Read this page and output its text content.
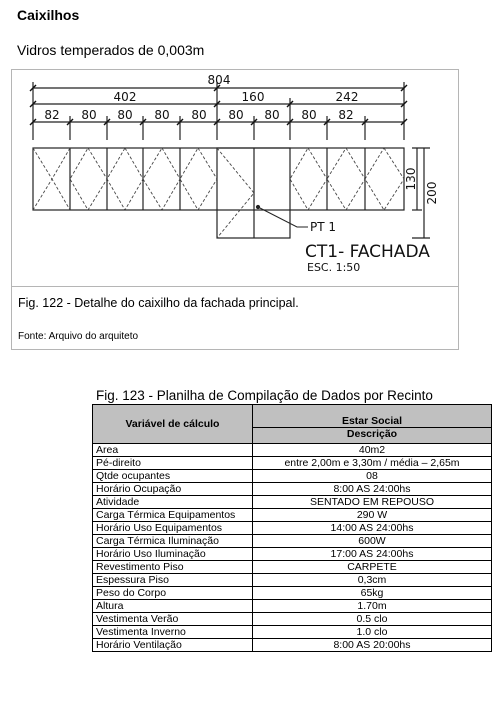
Caixilhos
Vidros temperados de 0,003m
804
402	160	242
82 80 80 80 80 80 80 80 82
130
200
PT 1
CT1- FACHADA
ESC. 1:50
Fig. 122 - Detalhe do caixilho da fachada principal.
Fonte: Arquivo do arquiteto
Fig. 123 - Planilha de Compilação de Dados por Recinto
Variável de cálculo	Estar Social
	Descrição
Area	40m2
Pé-direito	entre 2,00m e 3,30m / média – 2,65m
Qtde ocupantes	08
Horário Ocupação	8:00 AS 24:00hs
Atividade	SENTADO EM REPOUSO
Carga Térmica Equipamentos	290 W
Horário Uso Equipamentos	14:00 AS 24:00hs
Carga Térmica Iluminação	600W
Horário Uso Iluminação	17:00 AS 24:00hs
Revestimento Piso	CARPETE
Espessura Piso	0,3cm
Peso do Corpo	65kg
Altura	1.70m
Vestimenta Verão	0.5 clo
Vestimenta Inverno	1.0 clo
Horário Ventilação	8:00 AS 20:00hs
